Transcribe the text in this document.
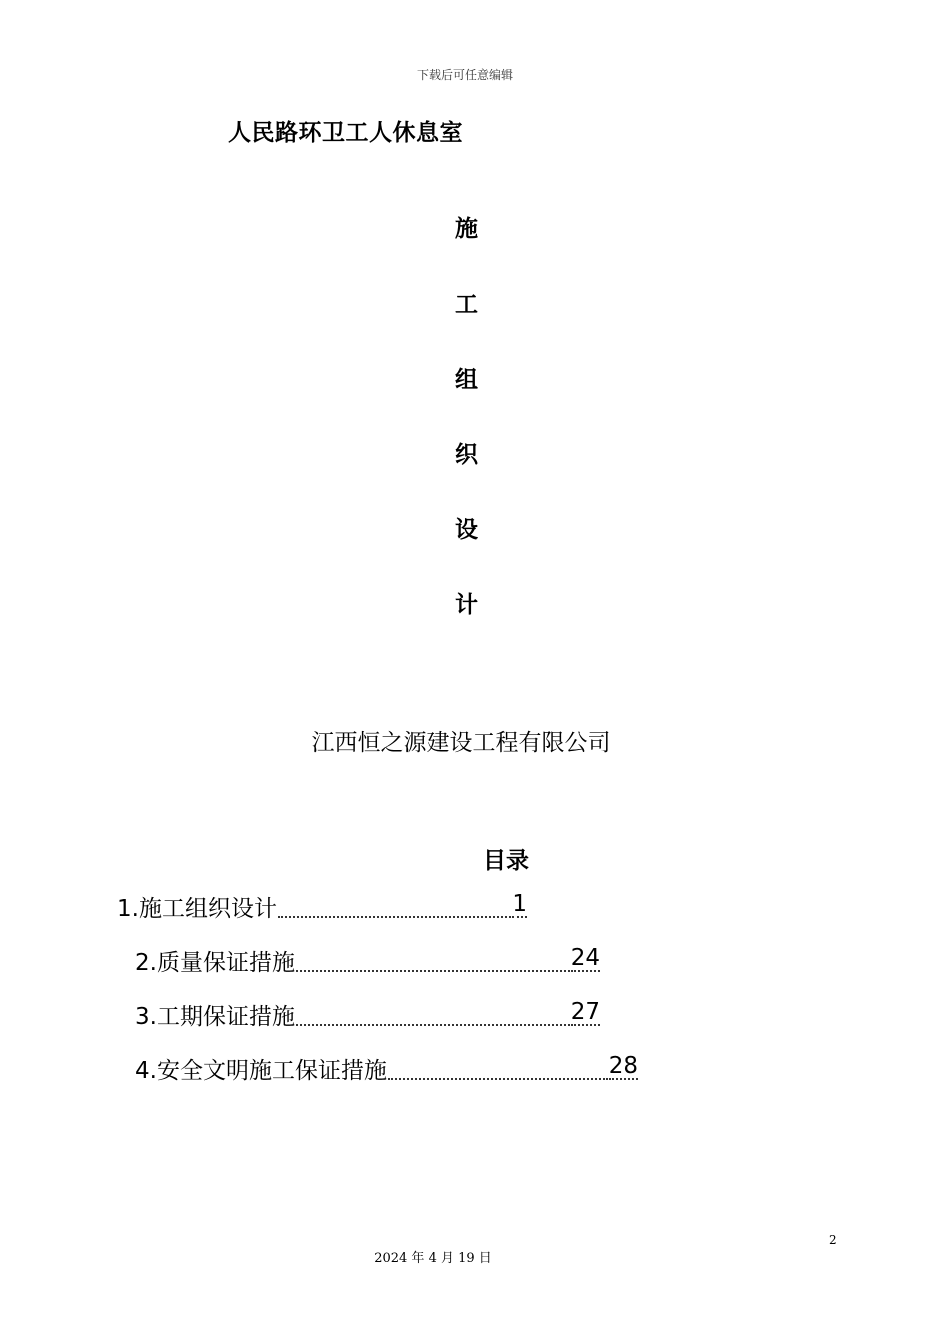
下载后可任意编辑
人民路环卫工人休息室
施
工
组
织
设
计
江西恒之源建设工程有限公司
目录
1.施工组织设计	1
2.质量保证措施	24
3.工期保证措施	27
4.安全文明施工保证措施	28
2
2024 年 4 月 19 日
